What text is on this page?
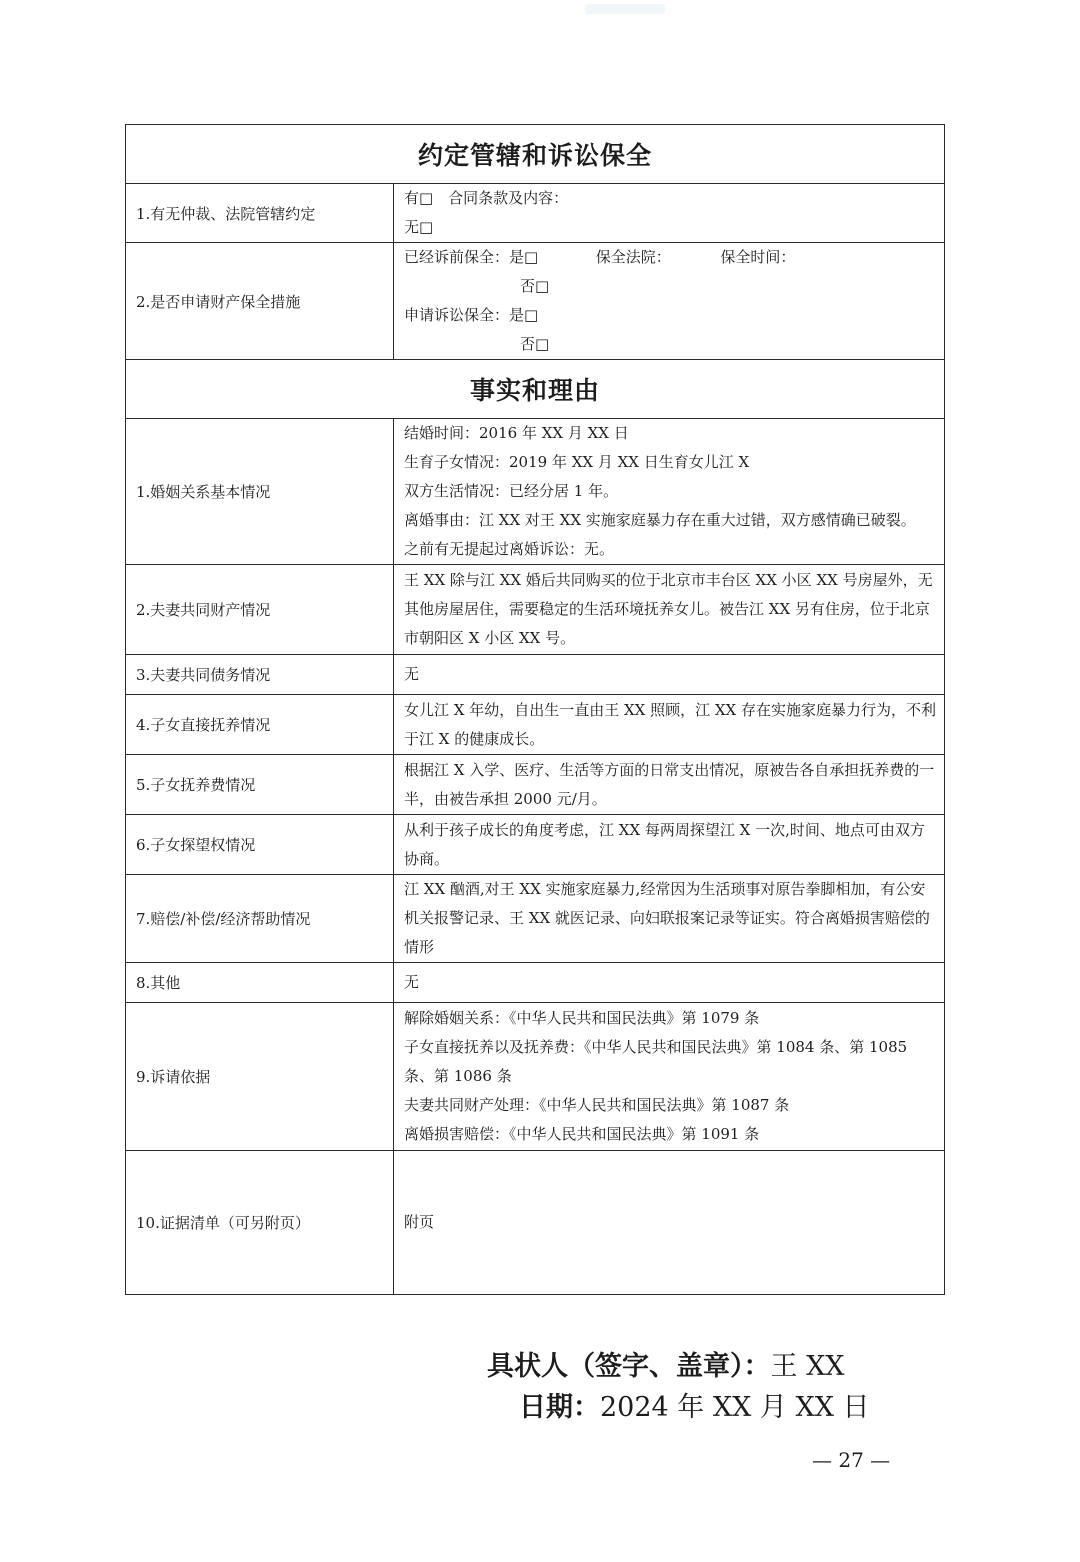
约定管辖和诉讼保全	
1.有无仲裁、法院管辖约定	有□　合同条款及内容：
无□

2.是否申请财产保全措施	已经诉前保全：是□ 保全法院： 保全时间：
否□
申请诉讼保全：是□
否□

事实和理由	
1.婚姻关系基本情况	结婚时间：2016 年 XX 月 XX 日
生育子女情况：2019 年 XX 月 XX 日生育女儿江 X
双方生活情况：已经分居 1 年。
离婚事由：江 XX 对王 XX 实施家庭暴力存在重大过错，双方感情确已破裂。
之前有无提起过离婚诉讼：无。

2.夫妻共同财产情况	王 XX 除与江 XX 婚后共同购买的位于北京市丰台区 XX 小区 XX 号房屋外，无其他房屋居住，需要稳定的生活环境抚养女儿。被告江 XX 另有住房，位于北京市朝阳区 X 小区 XX 号。
3.夫妻共同债务情况	无
4.子女直接抚养情况	女儿江 X 年幼，自出生一直由王 XX 照顾，江 XX 存在实施家庭暴力行为，不利于江 X 的健康成长。
5.子女抚养费情况	根据江 X 入学、医疗、生活等方面的日常支出情况，原被告各自承担抚养费的一半，由被告承担 2000 元/月。
6.子女探望权情况	从利于孩子成长的角度考虑，江 XX 每两周探望江 X 一次,时间、地点可由双方协商。
7.赔偿/补偿/经济帮助情况	江 XX 酗酒,对王 XX 实施家庭暴力,经常因为生活琐事对原告拳脚相加，有公安机关报警记录、王 XX 就医记录、向妇联报案记录等证实。符合离婚损害赔偿的情形
8.其他	无
9.诉请依据	解除婚姻关系：《中华人民共和国民法典》第 1079 条
子女直接抚养以及抚养费：《中华人民共和国民法典》第 1084 条、第 1085
条、第 1086 条
夫妻共同财产处理：《中华人民共和国民法典》第 1087 条
离婚损害赔偿：《中华人民共和国民法典》第 1091 条

10.证据清单（可另附页）	附页
具状人（签字、盖章）：王 XX
日期：2024 年 XX 月 XX 日
— 27 —
